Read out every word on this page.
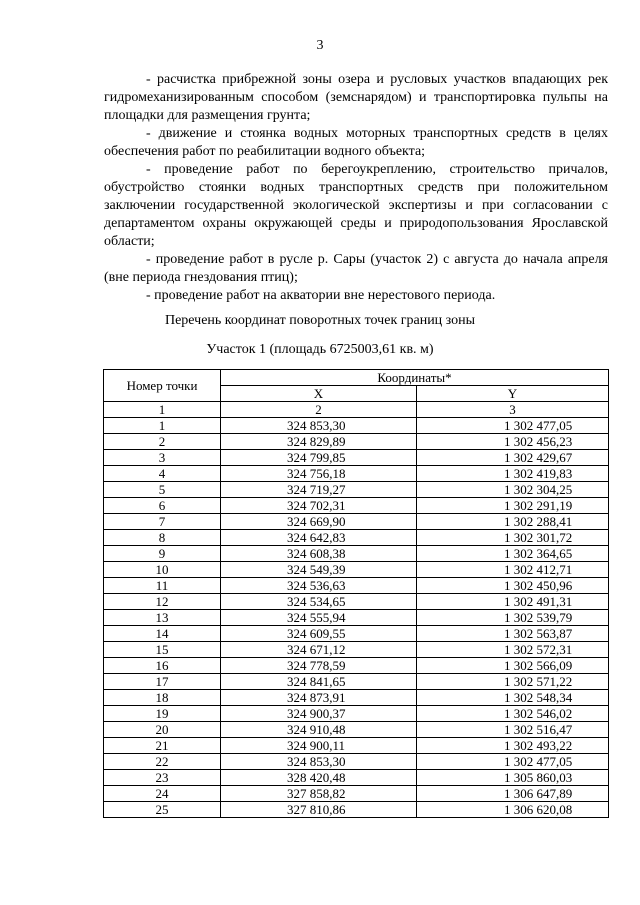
3

- расчистка прибрежной зоны озера и русловых участков впадающих рек гидромеханизированным способом (земснарядом) и транспортировка пульпы на площадки для размещения грунта;

- движение и стоянка водных моторных транспортных средств в целях обеспечения работ по реабилитации водного объекта;

- проведение работ по берегоукреплению, строительство причалов, обустройство стоянки водных транспортных средств при положительном заключении государственной экологической экспертизы и при согласовании с департаментом охраны окружающей среды и природопользования Ярославской области;

- проведение работ в русле р. Сары (участок 2) с августа до начала апреля (вне периода гнездования птиц);

- проведение работ на акватории вне нерестового периода.

Перечень координат поворотных точек границ зоны
Участок 1 (площадь 6725003,61 кв. м)
Номер точки	Координаты*	
	X	Y
1	2	3
1	324 853,30	1 302 477,05
2	324 829,89	1 302 456,23
3	324 799,85	1 302 429,67
4	324 756,18	1 302 419,83
5	324 719,27	1 302 304,25
6	324 702,31	1 302 291,19
7	324 669,90	1 302 288,41
8	324 642,83	1 302 301,72
9	324 608,38	1 302 364,65
10	324 549,39	1 302 412,71
11	324 536,63	1 302 450,96
12	324 534,65	1 302 491,31
13	324 555,94	1 302 539,79
14	324 609,55	1 302 563,87
15	324 671,12	1 302 572,31
16	324 778,59	1 302 566,09
17	324 841,65	1 302 571,22
18	324 873,91	1 302 548,34
19	324 900,37	1 302 546,02
20	324 910,48	1 302 516,47
21	324 900,11	1 302 493,22
22	324 853,30	1 302 477,05
23	328 420,48	1 305 860,03
24	327 858,82	1 306 647,89
25	327 810,86	1 306 620,08
